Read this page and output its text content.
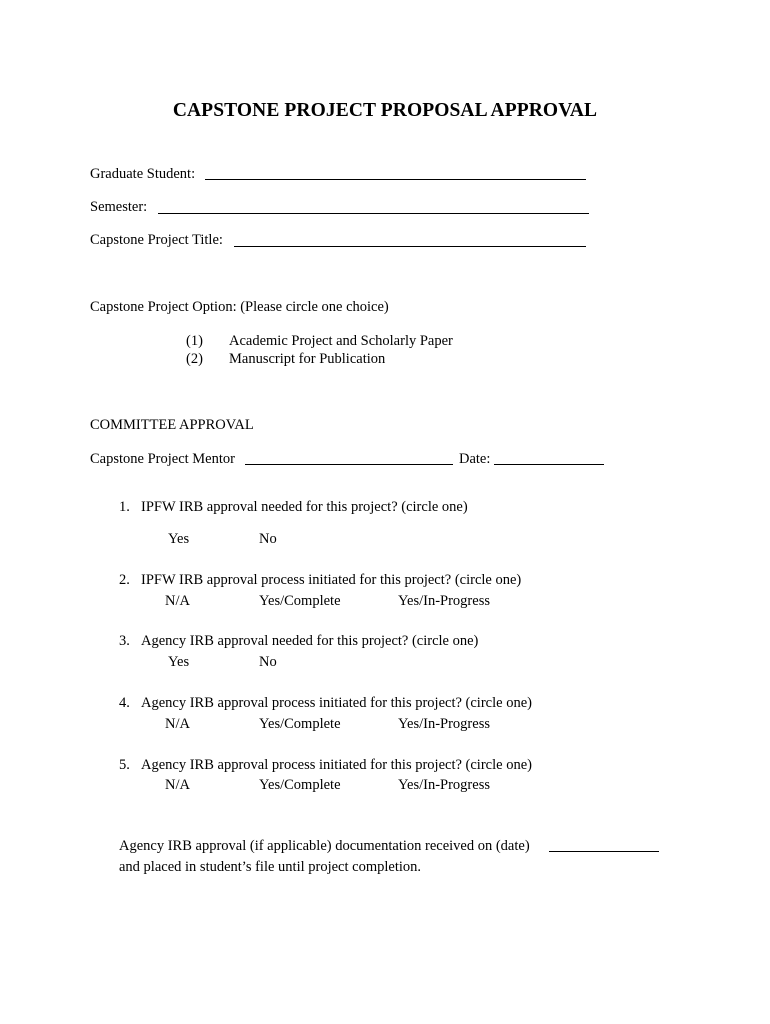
CAPSTONE PROJECT PROPOSAL APPROVAL
Graduate Student:
Semester:
Capstone Project Title:
Capstone Project Option: (Please circle one choice)
(1) Academic Project and Scholarly Paper
(2) Manuscript for Publication
COMMITTEE APPROVAL
Capstone Project Mentor	Date:
1. IPFW IRB approval needed for this project? (circle one)
Yes	No
2. IPFW IRB approval process initiated for this project? (circle one)
N/A	Yes/Complete	Yes/In-Progress
3. Agency IRB approval needed for this project? (circle one)
Yes	No
4. Agency IRB approval process initiated for this project? (circle one)
N/A	Yes/Complete	Yes/In-Progress
5. Agency IRB approval process initiated for this project? (circle one)
N/A	Yes/Complete	Yes/In-Progress
Agency IRB approval (if applicable) documentation received on (date)
and placed in student’s file until project completion.
